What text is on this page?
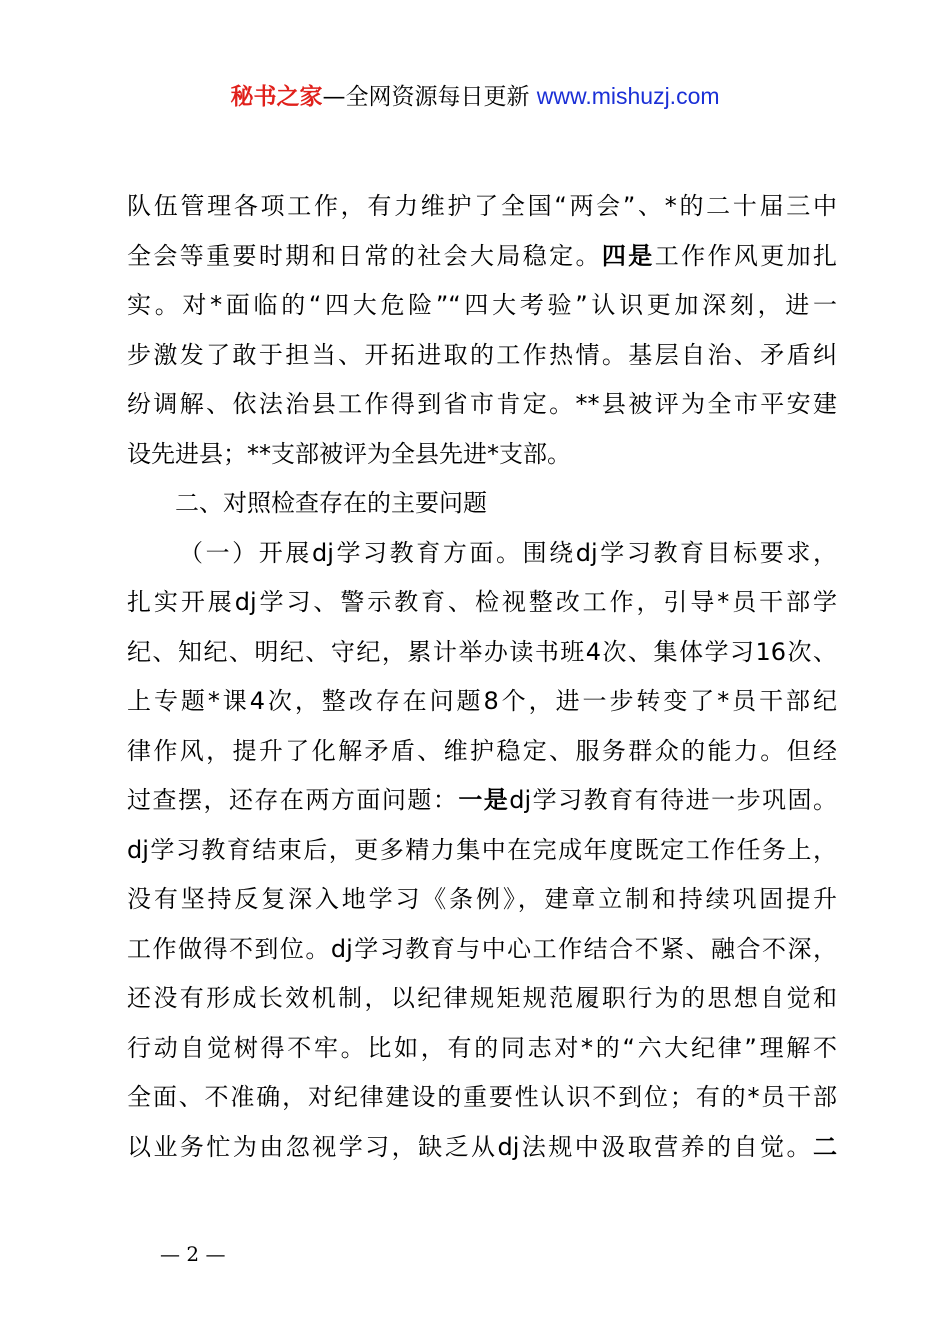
秘书之家—全网资源每日更新 www.mishuzj.com
队伍管理各项工作，有力维护了全国“两会”、*的二十届三中
全会等重要时期和日常的社会大局稳定。四是工作作风更加扎
实。对*面临的“四大危险”“四大考验”认识更加深刻，进一
步激发了敢于担当、开拓进取的工作热情。基层自治、矛盾纠
纷调解、依法治县工作得到省市肯定。**县被评为全市平安建
设先进县；**支部被评为全县先进*支部。
二、对照检查存在的主要问题
（一）开展dj学习教育方面。围绕dj学习教育目标要求，
扎实开展dj学习、警示教育、检视整改工作，引导*员干部学
纪、知纪、明纪、守纪，累计举办读书班4次、集体学习16次、
上专题*课4次，整改存在问题8个，进一步转变了*员干部纪
律作风，提升了化解矛盾、维护稳定、服务群众的能力。但经
过查摆，还存在两方面问题：一是dj学习教育有待进一步巩固。
dj学习教育结束后，更多精力集中在完成年度既定工作任务上，
没有坚持反复深入地学习《条例》，建章立制和持续巩固提升
工作做得不到位。dj学习教育与中心工作结合不紧、融合不深，
还没有形成长效机制，以纪律规矩规范履职行为的思想自觉和
行动自觉树得不牢。比如，有的同志对*的“六大纪律”理解不
全面、不准确，对纪律建设的重要性认识不到位；有的*员干部
以业务忙为由忽视学习，缺乏从dj法规中汲取营养的自觉。二
— 2 —
